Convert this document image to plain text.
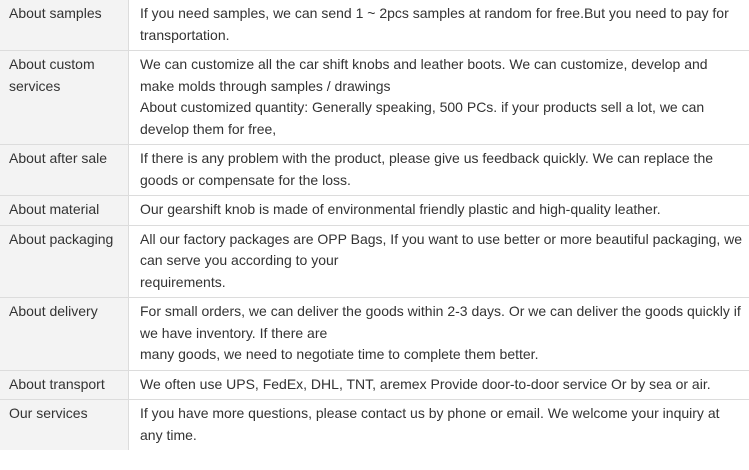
About samples	If you need samples, we can send 1 ~ 2pcs samples at random for free.But you need to pay for transportation.

About custom services	We can customize all the car shift knobs and leather boots. We can customize, develop and make molds through samples / drawings
About customized quantity: Generally speaking, 500 PCs. if your products sell a lot, we can develop them for free,

About after sale	If there is any problem with the product, please give us feedback quickly. We can replace the goods or compensate for the loss.

About material	Our gearshift knob is made of environmental friendly plastic and high-quality leather.

About packaging	All our factory packages are OPP Bags, If you want to use better or more beautiful packaging, we can serve you according to your
requirements.

About delivery	For small orders, we can deliver the goods within 2-3 days. Or we can deliver the goods quickly if we have inventory. If there are
many goods, we need to negotiate time to complete them better.

About transport	We often use UPS, FedEx, DHL, TNT, aremex Provide door-to-door service Or by sea or air.

Our services	If you have more questions, please contact us by phone or email. We welcome your inquiry at any time.
